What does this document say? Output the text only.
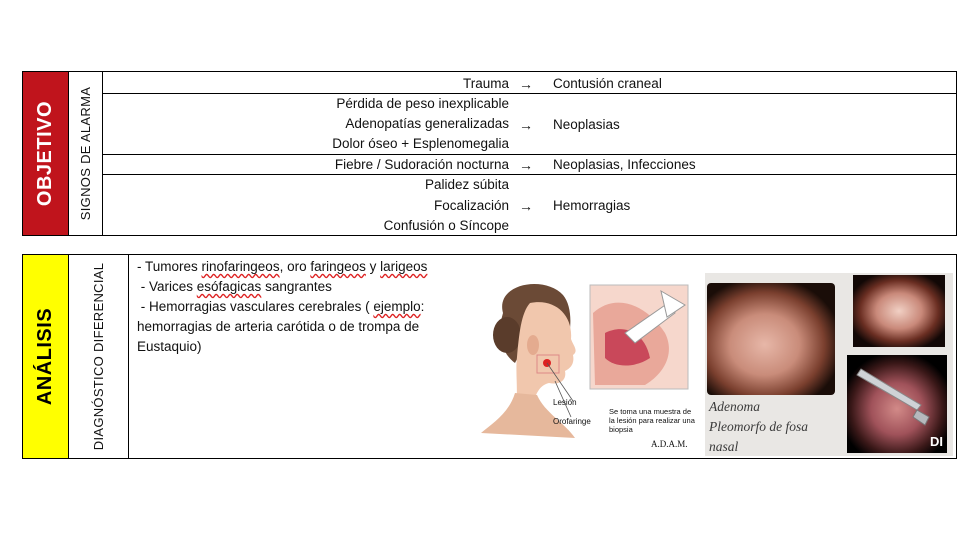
OBJETIVO SIGNOS DE ALARMA
Trauma → Contusión craneal
Pérdida de peso inexplicable
Adenopatías generalizadas
Dolor óseo + Esplenomegalia
→ Neoplasias
Fiebre / Sudoración nocturna → Neoplasias, Infecciones
Palidez súbita
Focalización
Confusión o Síncope
→ Hemorragias
ANÁLISIS	DIAGNÓSTICO DIFERENCIAL - Tumores rinofaringeos, oro faringeos y larigeos
- Varices esófagicas sangrantes
- Hemorragias vasculares cerebrales ( ejemplo:
hemorragias de arteria carótida o de trompa de
Eustaquio)
Lesión
Orofaringe
Se toma una muestra de la lesión para realizar una biopsia
A.D.A.M.	DI
Adenoma
Pleomorfo de fosa
nasal
